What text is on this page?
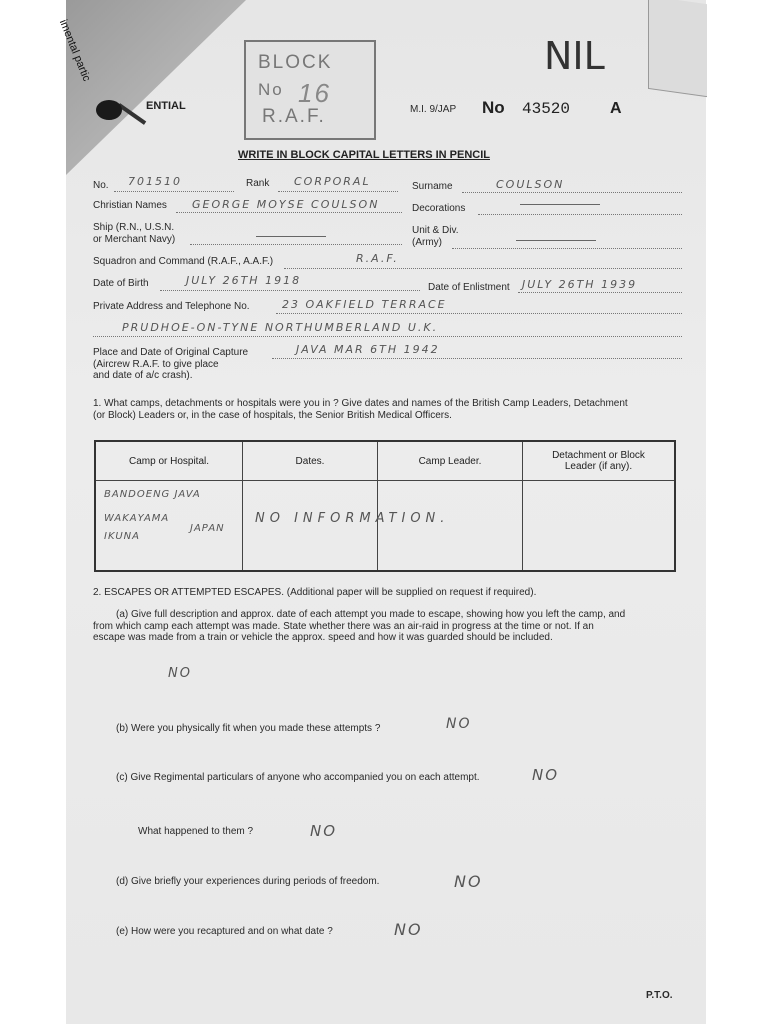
imental partic	BLOCK
No 16
R.A.F.
ENTIAL
NIL
M.I. 9/JAP No 43520 A
WRITE IN BLOCK CAPITAL LETTERS IN PENCIL
No. 701510	Rank CORPORAL	Surname	COULSON
Christian Names GEORGE MOYSE COULSON	Decorations
Ship (R.N., U.S.N.
or Merchant Navy)
Unit & Div.
(Army)
Squadron and Command (R.A.F., A.A.F.)	R.A.F.
Date of Birth	JULY 26TH 1918
Date of Enlistment JULY 26TH 1939
Private Address and Telephone No.	23 OAKFIELD TERRACE
PRUDHOE-ON-TYNE NORTHUMBERLAND U.K.
Place and Date of Original Capture
(Aircrew R.A.F. to give place
and date of a/c crash).
JAVA MAR 6TH 1942
1. What camps, detachments or hospitals were you in ? Give dates and names of the British Camp Leaders, Detachment
(or Block) Leaders or, in the case of hospitals, the Senior British Medical Officers.
Camp or Hospital.	Dates.	Camp Leader.	Detachment or Block Leader (if any).

BANDOENG JAVA
WAKAYAMA
IKUNA
JAPAN	NO INFORMATION.		

2. ESCAPES OR ATTEMPTED ESCAPES. (Additional paper will be supplied on request if required).
(a) Give full description and approx. date of each attempt you made to escape, showing how you left the camp, and
from which camp each attempt was made. State whether there was an air-raid in progress at the time or not. If an
escape was made from a train or vehicle the approx. speed and how it was guarded should be included.
NO
(b) Were you physically fit when you made these attempts ?	NO
(c) Give Regimental particulars of anyone who accompanied you on each attempt.	NO
What happened to them ?	NO
(d) Give briefly your experiences during periods of freedom.	NO
(e) How were you recaptured and on what date ?	NO
P.T.O.
